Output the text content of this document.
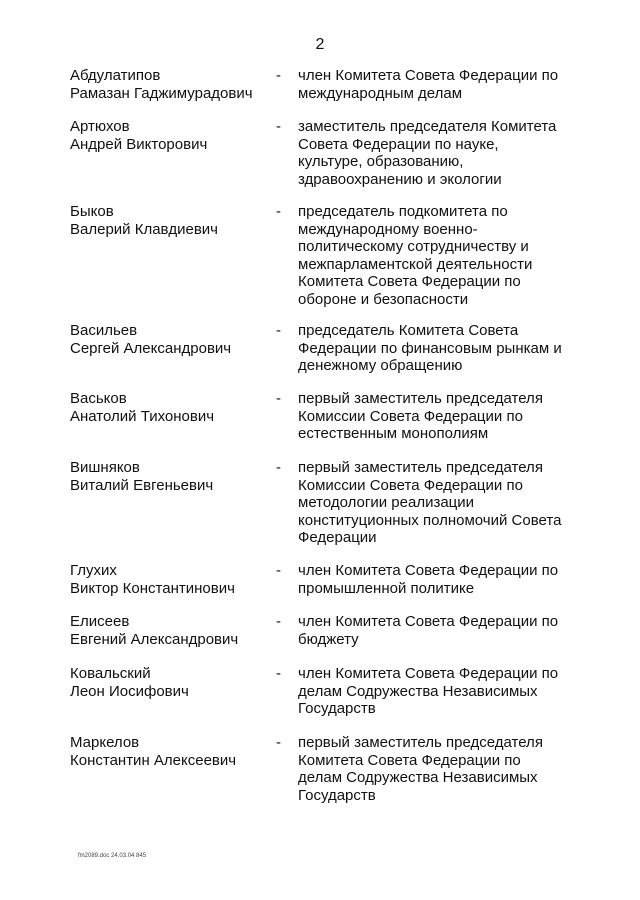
2
Абдулатипов
Рамазан Гаджимурадович
-	член Комитета Совета Федерации по
международным делам
Артюхов
Андрей Викторович
-	заместитель председателя Комитета
Совета Федерации по науке,
культуре, образованию,
здравоохранению и экологии
Быков
Валерий Клавдиевич
-	председатель подкомитета по
международному военно-
политическому сотрудничеству и
межпарламентской деятельности
Комитета Совета Федерации по
обороне и безопасности
Васильев
Сергей Александрович
-	председатель Комитета Совета
Федерации по финансовым рынкам и
денежному обращению
Васьков
Анатолий Тихонович
-	первый заместитель председателя
Комиссии Совета Федерации по
естественным монополиям
Вишняков
Виталий Евгеньевич
-	первый заместитель председателя
Комиссии Совета Федерации по
методологии реализации
конституционных полномочий Совета
Федерации
Глухих
Виктор Константинович
-	член Комитета Совета Федерации по
промышленной политике
Елисеев
Евгений Александрович
-	член Комитета Совета Федерации по
бюджету
Ковальский
Леон Иосифович
-	член Комитета Совета Федерации по
делам Содружества Независимых
Государств
Маркелов
Константин Алексеевич
-	первый заместитель председателя
Комитета Совета Федерации по
делам Содружества Независимых
Государств
fm2089.doc 24.03.04 845
